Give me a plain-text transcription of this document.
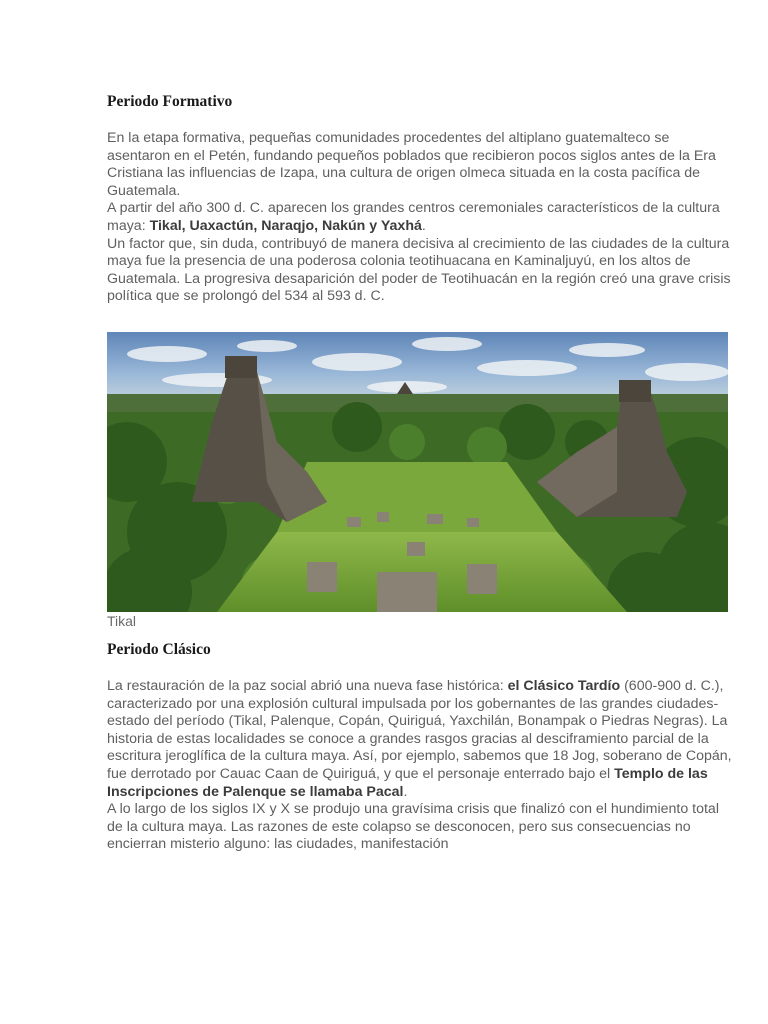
Periodo Formativo

En la etapa formativa, pequeñas comunidades procedentes del altiplano guatemalteco se asentaron en el Petén, fundando pequeños poblados que recibieron pocos siglos antes de la Era Cristiana las influencias de Izapa, una cultura de origen olmeca situada en la costa pacífica de Guatemala.

A partir del año 300 d. C. aparecen los grandes centros ceremoniales característicos de la cultura maya: Tikal, Uaxactún, Naraqjo, Nakún y Yaxhá.

Un factor que, sin duda, contribuyó de manera decisiva al crecimiento de las ciudades de la cultura maya fue la presencia de una poderosa colonia teotihuacana en Kaminaljuyú, en los altos de Guatemala. La progresiva desaparición del poder de Teotihuacán en la región creó una grave crisis política que se prolongó del 534 al 593 d. C.

Tikal
Periodo Clásico

La restauración de la paz social abrió una nueva fase histórica: el Clásico Tardío (600-900 d. C.), caracterizado por una explosión cultural impulsada por los gobernantes de las grandes ciudades-estado del período (Tikal, Palenque, Copán, Quiriguá, Yaxchilán, Bonampak o Piedras Negras). La historia de estas localidades se conoce a grandes rasgos gracias al desciframiento parcial de la escritura jeroglífica de la cultura maya. Así, por ejemplo, sabemos que 18 Jog, soberano de Copán, fue derrotado por Cauac Caan de Quiriguá, y que el personaje enterrado bajo el Templo de las Inscripciones de Palenque se llamaba Pacal.

A lo largo de los siglos IX y X se produjo una gravísima crisis que finalizó con el hundimiento total de la cultura maya. Las razones de este colapso se desconocen, pero sus consecuencias no encierran misterio alguno: las ciudades, manifestación
